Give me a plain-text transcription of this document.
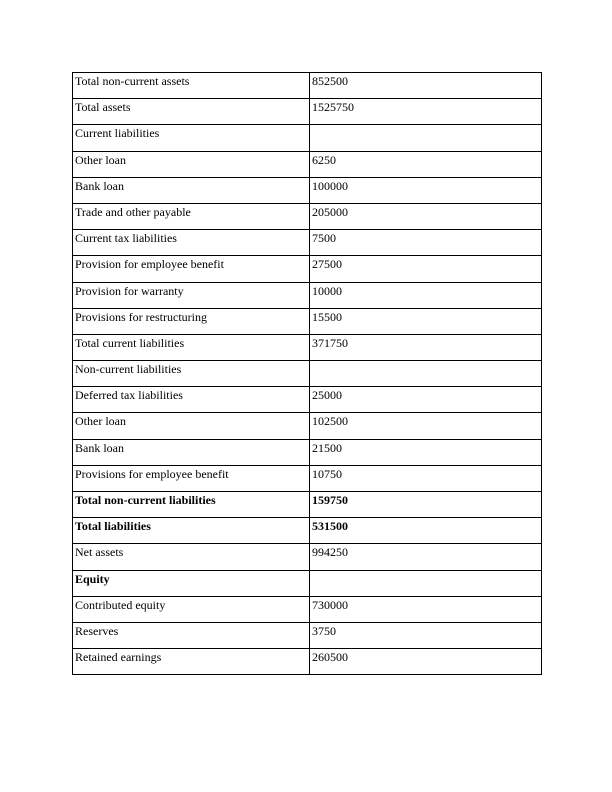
Total non-current assets	852500
Total assets	1525750
Current liabilities	
Other loan	6250
Bank loan	100000
Trade and other payable	205000
Current tax liabilities	7500
Provision for employee benefit	27500
Provision for warranty	10000
Provisions for restructuring	15500
Total current liabilities	371750
Non-current liabilities	
Deferred tax liabilities	25000
Other loan	102500
Bank loan	21500
Provisions for employee benefit	10750
Total non-current liabilities	159750
Total liabilities	531500
Net assets	994250
Equity	
Contributed equity	730000
Reserves	3750
Retained earnings	260500
